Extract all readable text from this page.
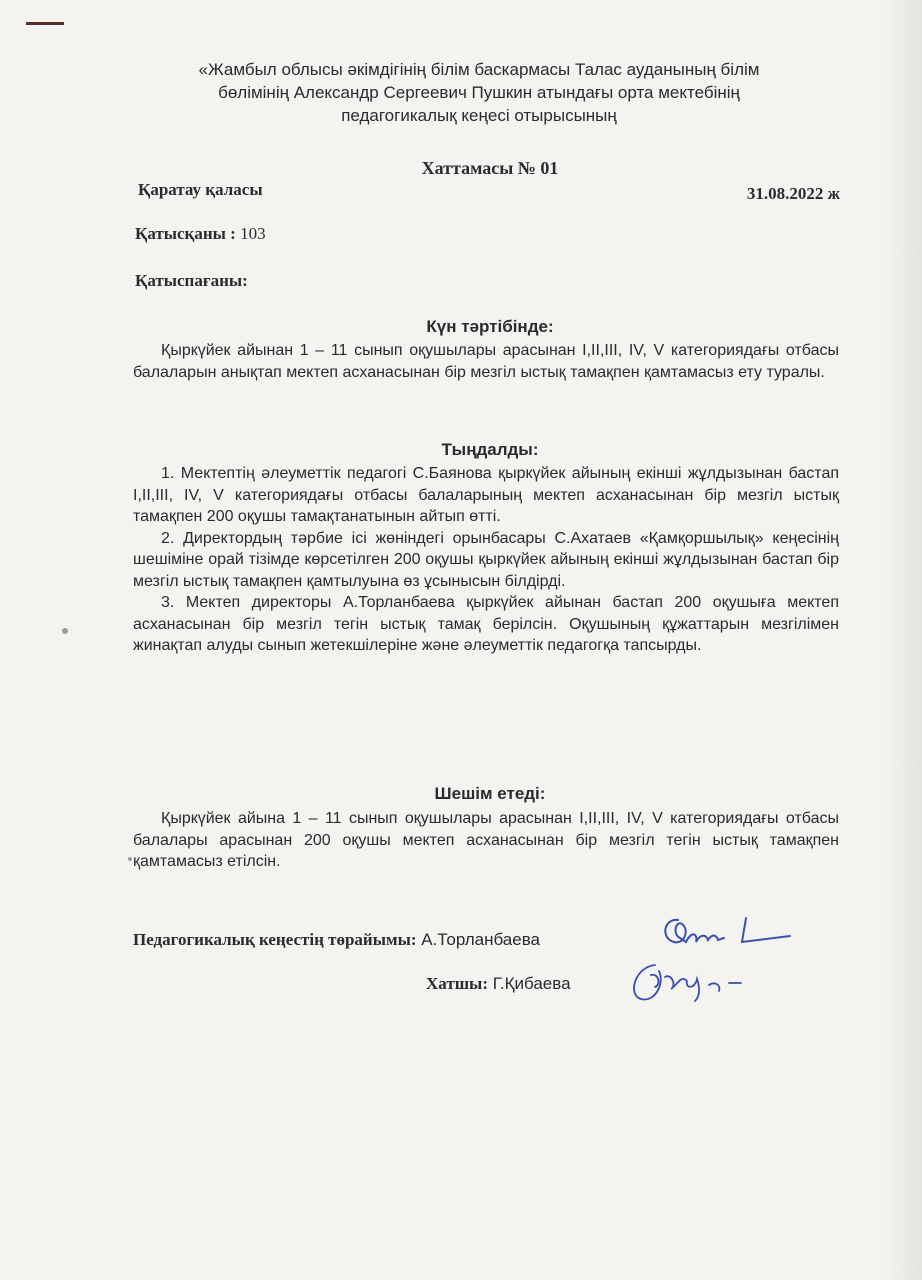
«Жамбыл облысы әкімдігінің білім баскармасы Талас ауданының білім
бөлімінің Александр Сергеевич Пушкин атындағы орта мектебінің
педагогикалық кеңесі отырысының
Хаттамасы № 01
Қаратау қаласы	31.08.2022 ж
Қатысқаны : 103
Қатыспағаны:
Күн тәртібінде:

Қыркүйек айынан 1 – 11 сынып оқушылары арасынан I,II,III, IV, V категориядағы отбасы балаларын анықтап мектеп асханасынан бір мезгіл ыстық тамақпен қамтамасыз ету туралы.

Тыңдалды:

1. Мектептің әлеуметтік педагогі С.Баянова қыркүйек айының екінші жұлдызынан бастап I,II,III, IV, V категориядағы отбасы балаларының мектеп асханасынан бір мезгіл ыстық тамақпен 200 оқушы тамақтанатынын айтып өтті.

2. Директордың тәрбие ісі жөніндегі орынбасары С.Ахатаев «Қамқоршылық» кеңесінің шешіміне орай тізімде көрсетілген 200 оқушы қыркүйек айының екінші жұлдызынан бастап бір мезгіл ыстық тамақпен қамтылуына өз ұсынысын білдірді.

3. Мектеп директоры А.Торланбаева қыркүйек айынан бастап 200 оқушыға мектеп асханасынан бір мезгіл тегін ыстық тамақ берілсін. Оқушының құжаттарын мезгілімен жинақтап алуды сынып жетекшілеріне және әлеуметтік педагогқа тапсырды.

Шешім етеді:

Қыркүйек айына 1 – 11 сынып оқушылары арасынан I,II,III, IV, V категориядағы отбасы балалары арасынан 200 оқушы мектеп асханасынан бір мезгіл тегін ыстық тамақпен қамтамасыз етілсін.

Педагогикалық кеңестің төрайымы: А.Торланбаева
Хатшы: Г.Қибаева
